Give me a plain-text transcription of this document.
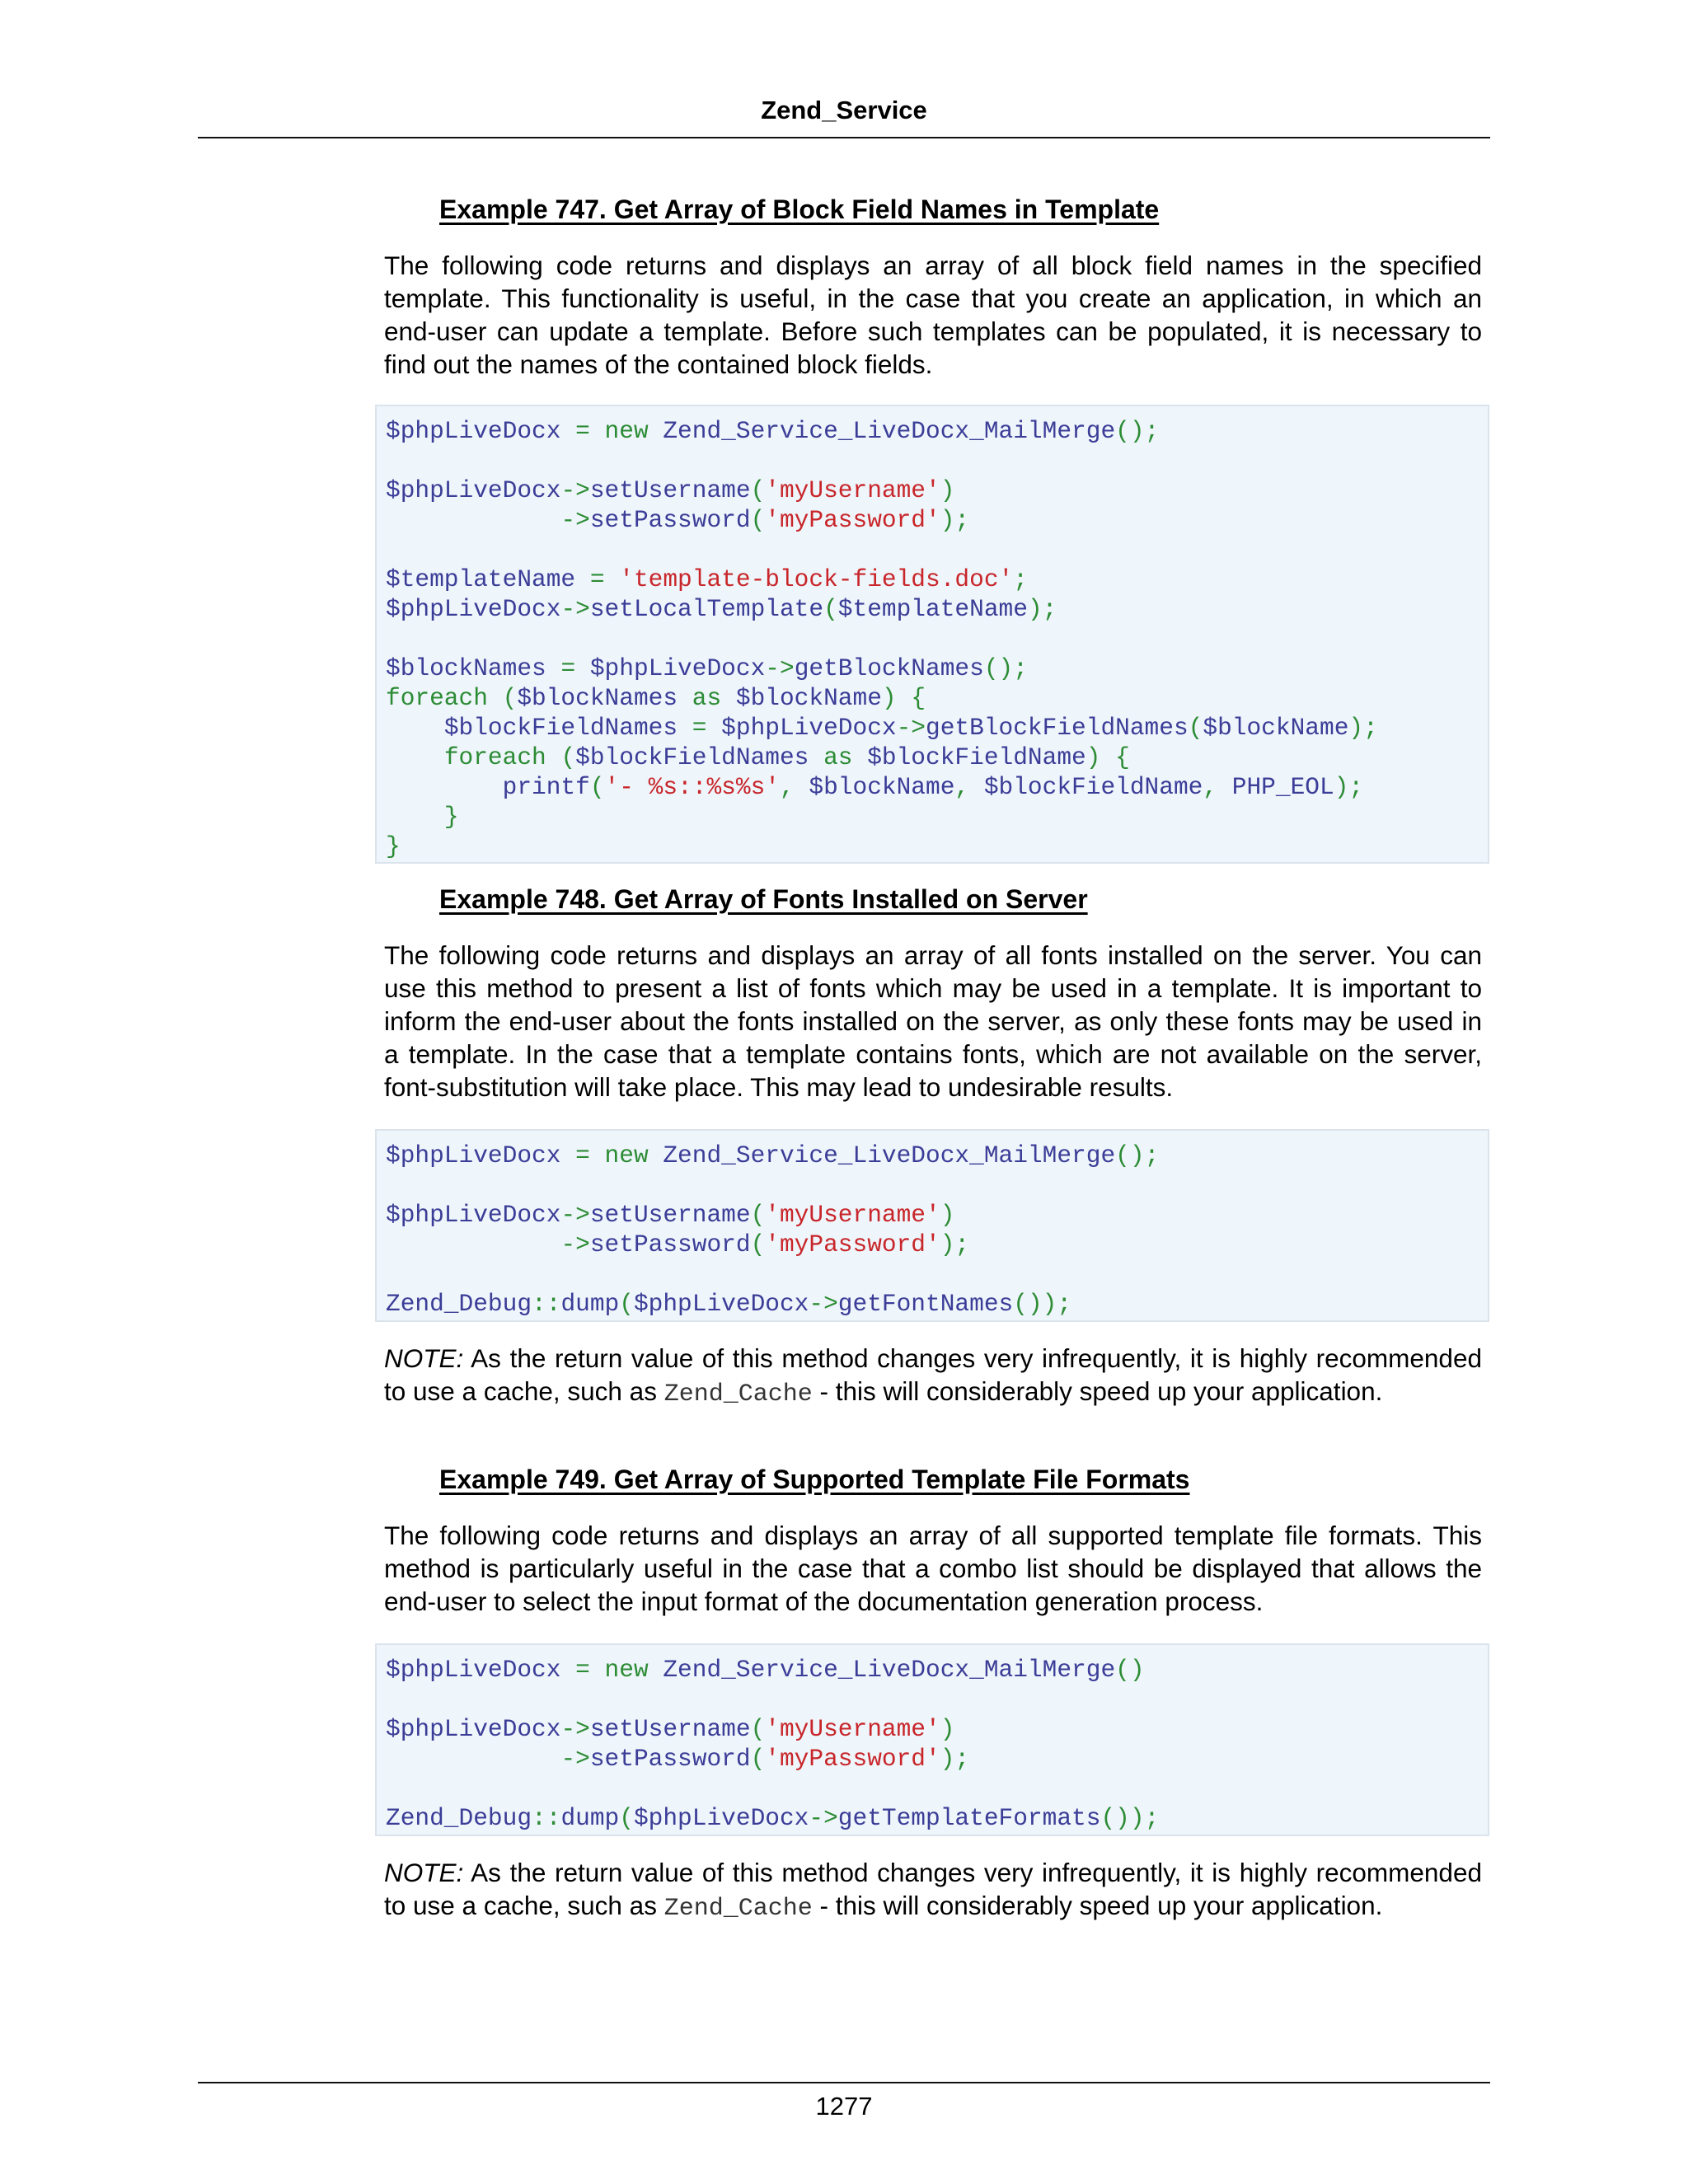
Zend_Service
Example 747. Get Array of Block Field Names in Template

The following code returns and displays an array of all block field names in the specified template. This functionality is useful, in the case that you create an application, in which an end-user can update a template. Before such templates can be populated, it is necessary to find out the names of the contained block fields.

$phpLiveDocx = new Zend_Service_LiveDocx_MailMerge();

$phpLiveDocx->setUsername('myUsername')
->setPassword('myPassword');

$templateName = 'template-block-fields.doc';
$phpLiveDocx->setLocalTemplate($templateName);

$blockNames = $phpLiveDocx->getBlockNames();
foreach ($blockNames as $blockName) {
$blockFieldNames = $phpLiveDocx->getBlockFieldNames($blockName);
foreach ($blockFieldNames as $blockFieldName) {
printf('- %s::%s%s', $blockName, $blockFieldName, PHP_EOL);
}
}
Example 748. Get Array of Fonts Installed on Server

The following code returns and displays an array of all fonts installed on the server. You can use this method to present a list of fonts which may be used in a template. It is important to inform the end-user about the fonts installed on the server, as only these fonts may be used in a template. In the case that a template contains fonts, which are not available on the server, font-substitution will take place. This may lead to undesirable results.

$phpLiveDocx = new Zend_Service_LiveDocx_MailMerge();

$phpLiveDocx->setUsername('myUsername')
->setPassword('myPassword');

Zend_Debug::dump($phpLiveDocx->getFontNames());

NOTE: As the return value of this method changes very infrequently, it is highly recommended to use a cache, such as Zend_Cache - this will considerably speed up your application.

Example 749. Get Array of Supported Template File Formats

The following code returns and displays an array of all supported template file formats. This method is particularly useful in the case that a combo list should be displayed that allows the end-user to select the input format of the documentation generation process.

$phpLiveDocx = new Zend_Service_LiveDocx_MailMerge()

$phpLiveDocx->setUsername('myUsername')
->setPassword('myPassword');

Zend_Debug::dump($phpLiveDocx->getTemplateFormats());

NOTE: As the return value of this method changes very infrequently, it is highly recommended to use a cache, such as Zend_Cache - this will considerably speed up your application.

1277
